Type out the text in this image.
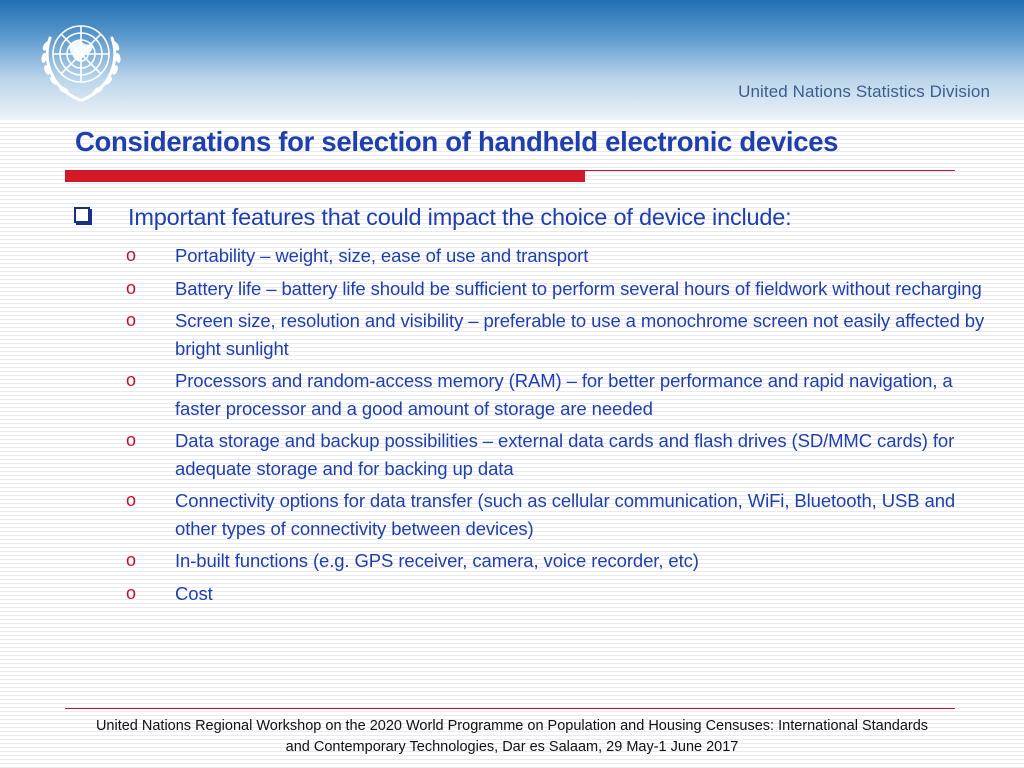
United Nations Statistics Division
Considerations for selection of handheld electronic devices
Important features that could impact the choice of device include:
o Portability – weight, size, ease of use and transport
o Battery life – battery life should be sufficient to perform several hours of fieldwork without recharging
o Screen size, resolution and visibility – preferable to use a monochrome screen not easily affected by bright sunlight
o Processors and random-access memory (RAM) – for better performance and rapid navigation, a faster processor and a good amount of storage are needed
o Data storage and backup possibilities – external data cards and flash drives (SD/MMC cards) for adequate storage and for backing up data
o Connectivity options for data transfer (such as cellular communication, WiFi, Bluetooth, USB and other types of connectivity between devices)
o In-built functions (e.g. GPS receiver, camera, voice recorder, etc)
o Cost
United Nations Regional Workshop on the 2020 World Programme on Population and Housing Censuses: International Standards
and Contemporary Technologies, Dar es Salaam, 29 May-1 June 2017
